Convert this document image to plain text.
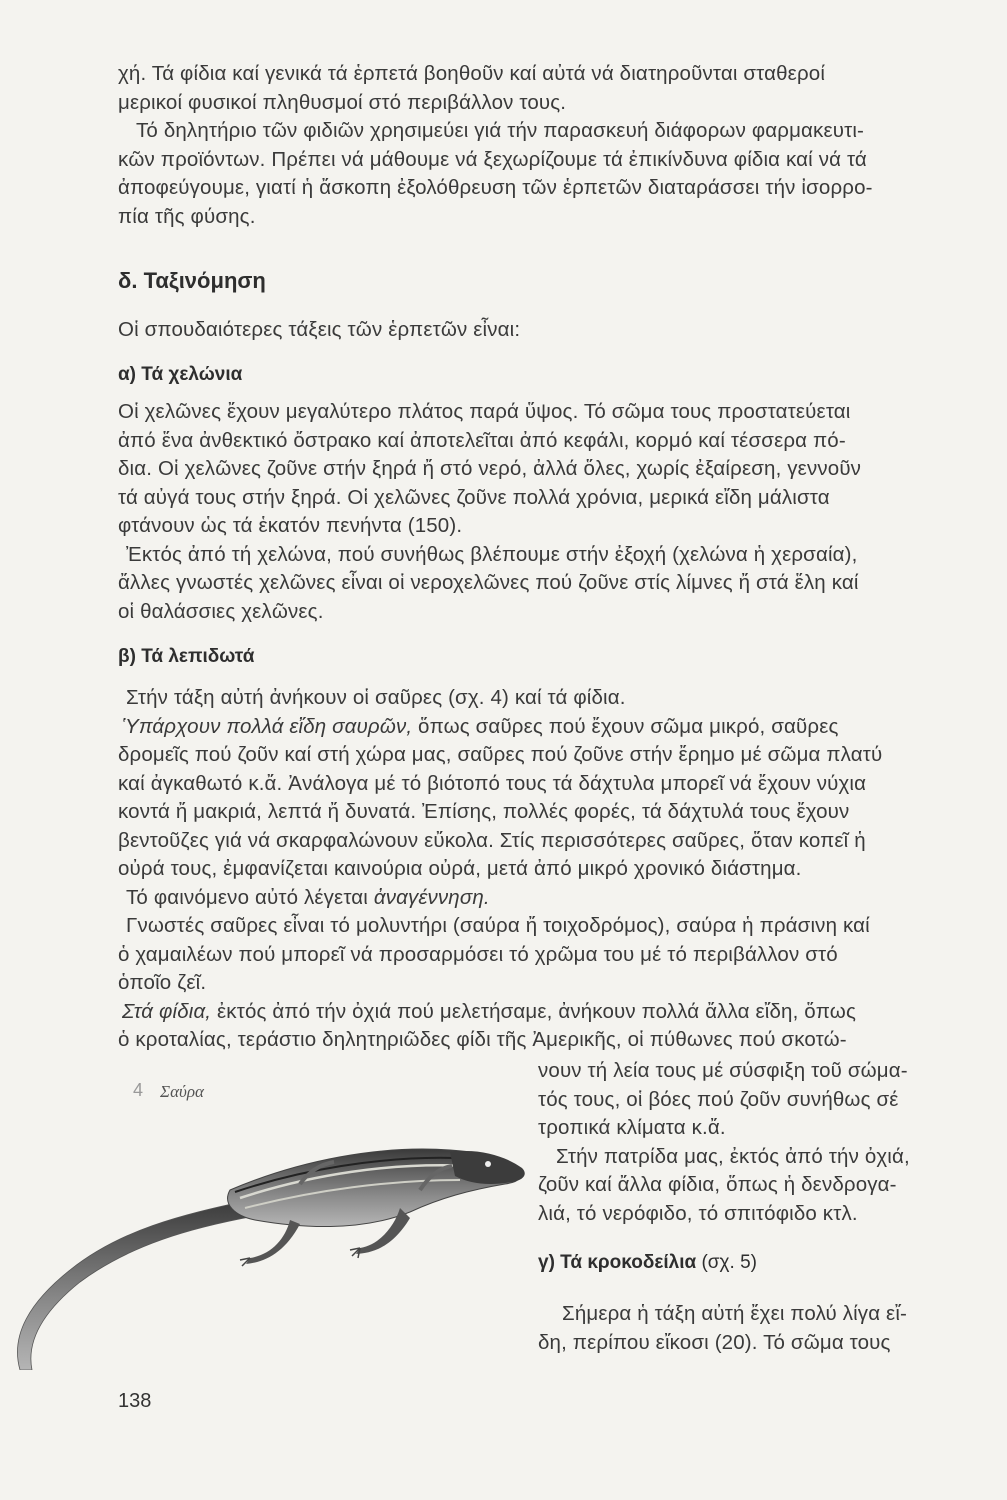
χή. Τά φίδια καί γενικά τά ἑρπετά βοηθοῦν καί αὐτά νά διατηροῦνται σταθεροί
μερικοί φυσικοί πληθυσμοί στό περιβάλλον τους.
Τό δηλητήριο τῶν φιδιῶν χρησιμεύει γιά τήν παρασκευή διάφορων φαρμακευτι-
κῶν προϊόντων. Πρέπει νά μάθουμε νά ξεχωρίζουμε τά ἐπικίνδυνα φίδια καί νά τά
ἀποφεύγουμε, γιατί ἡ ἄσκοπη ἐξολόθρευση τῶν ἑρπετῶν διαταράσσει τήν ἰσορρο-
πία τῆς φύσης.
δ. Ταξινόμηση

Οἱ σπουδαιότερες τάξεις τῶν ἑρπετῶν εἶναι:

α) Τά χελώνια
Οἱ χελῶνες ἔχουν μεγαλύτερο πλάτος παρά ὕψος. Τό σῶμα τους προστατεύεται
ἀπό ἕνα ἀνθεκτικό ὄστρακο καί ἀποτελεῖται ἀπό κεφάλι, κορμό καί τέσσερα πό-
δια. Οἱ χελῶνες ζοῦνε στήν ξηρά ἤ στό νερό, ἀλλά ὅλες, χωρίς ἐξαίρεση, γεννοῦν
τά αὐγά τους στήν ξηρά. Οἱ χελῶνες ζοῦνε πολλά χρόνια, μερικά εἴδη μάλιστα
φτάνουν ὡς τά ἑκατόν πενήντα (150).
Ἐκτός ἀπό τή χελώνα, πού συνήθως βλέπουμε στήν ἐξοχή (χελώνα ἡ χερσαία),
ἄλλες γνωστές χελῶνες εἶναι οἱ νεροχελῶνες πού ζοῦνε στίς λίμνες ἤ στά ἕλη καί
οἱ θαλάσσιες χελῶνες.
β) Τά λεπιδωτά
Στήν τάξη αὐτή ἀνήκουν οἱ σαῦρες (σχ. 4) καί τά φίδια.
Ὑπάρχουν πολλά εἴδη σαυρῶν, ὅπως σαῦρες πού ἔχουν σῶμα μικρό, σαῦρες
δρομεῖς πού ζοῦν καί στή χώρα μας, σαῦρες πού ζοῦνε στήν ἔρημο μέ σῶμα πλατύ
καί ἀγκαθωτό κ.ἄ. Ἀνάλογα μέ τό βιότοπό τους τά δάχτυλα μπορεῖ νά ἔχουν νύχια
κοντά ἤ μακριά, λεπτά ἤ δυνατά. Ἐπίσης, πολλές φορές, τά δάχτυλά τους ἔχουν
βεντοῦζες γιά νά σκαρφαλώνουν εὔκολα. Στίς περισσότερες σαῦρες, ὅταν κοπεῖ ἡ
οὐρά τους, ἐμφανίζεται καινούρια οὐρά, μετά ἀπό μικρό χρονικό διάστημα.
Τό φαινόμενο αὐτό λέγεται ἀναγέννηση.
Γνωστές σαῦρες εἶναι τό μολυντήρι (σαύρα ἤ τοιχοδρόμος), σαύρα ἡ πράσινη καί
ὁ χαμαιλέων πού μπορεῖ νά προσαρμόσει τό χρῶμα του μέ τό περιβάλλον στό
ὁποῖο ζεῖ.
Στά φίδια, ἐκτός ἀπό τήν ὀχιά πού μελετήσαμε, ἀνήκουν πολλά ἄλλα εἴδη, ὅπως
ὁ κροταλίας, τεράστιο δηλητηριῶδες φίδι τῆς Ἀμερικῆς, οἱ πύθωνες πού σκοτώ-
νουν τή λεία τους μέ σύσφιξη τοῦ σώμα-
τός τους, οἱ βόες πού ζοῦν συνήθως σέ
τροπικά κλίματα κ.ἄ.
Στήν πατρίδα μας, ἐκτός ἀπό τήν ὀχιά,
ζοῦν καί ἄλλα φίδια, ὅπως ἡ δενδρογα-
λιά, τό νερόφιδο, τό σπιτόφιδο κτλ.
γ) Τά κροκοδείλια (σχ. 5)
Σήμερα ἡ τάξη αὐτή ἔχει πολύ λίγα εἴ-
δη, περίπου εἴκοσι (20). Τό σῶμα τους
4 Σαύρα
138
